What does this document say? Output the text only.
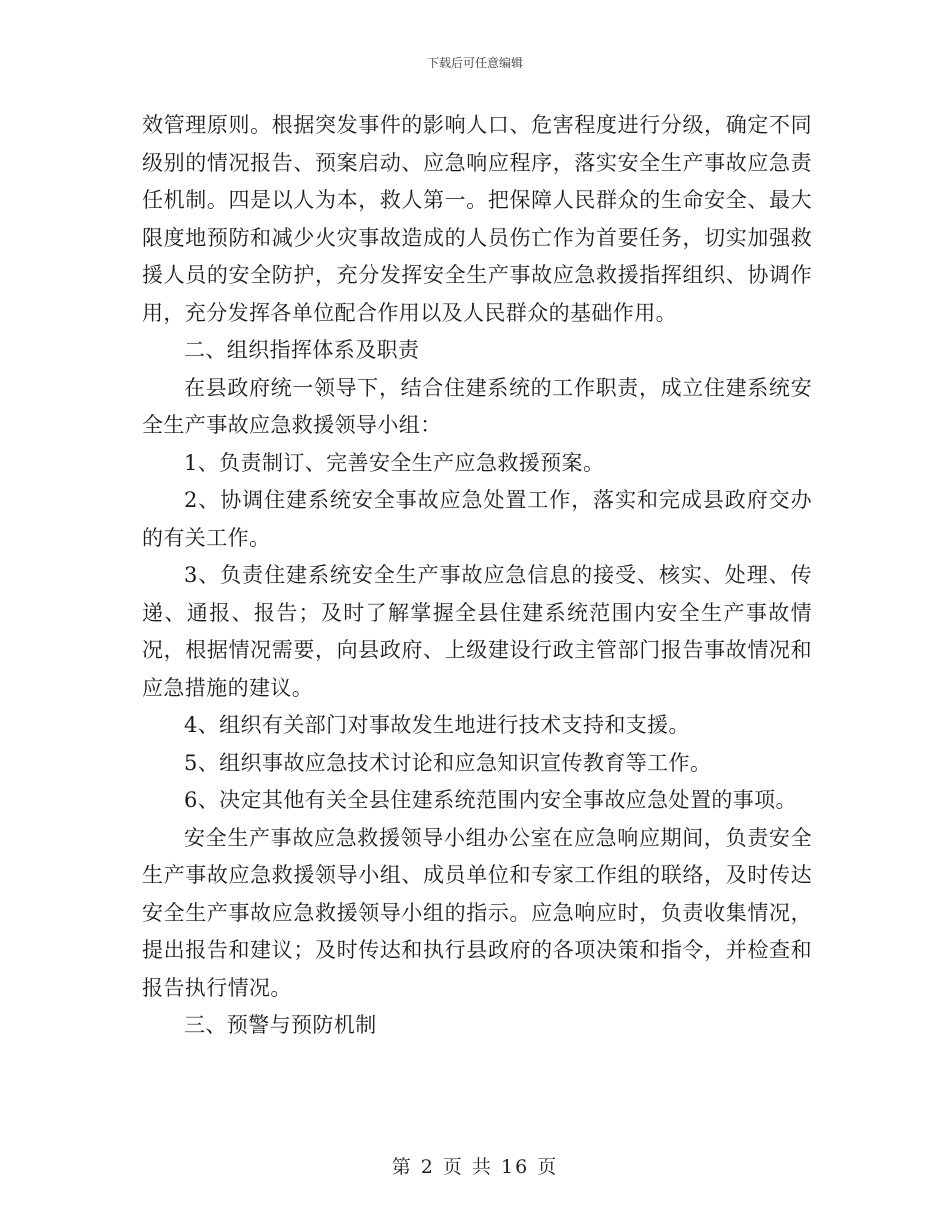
下载后可任意编辑

效管理原则。根据突发事件的影响人口、危害程度进行分级，确定不同级别的情况报告、预案启动、应急响应程序，落实安全生产事故应急责任机制。四是以人为本，救人第一。把保障人民群众的生命安全、最大限度地预防和减少火灾事故造成的人员伤亡作为首要任务，切实加强救援人员的安全防护，充分发挥安全生产事故应急救援指挥组织、协调作用，充分发挥各单位配合作用以及人民群众的基础作用。

二、组织指挥体系及职责

在县政府统一领导下，结合住建系统的工作职责，成立住建系统安全生产事故应急救援领导小组：

1、负责制订、完善安全生产应急救援预案。

2、协调住建系统安全事故应急处置工作，落实和完成县政府交办的有关工作。

3、负责住建系统安全生产事故应急信息的接受、核实、处理、传递、通报、报告；及时了解掌握全县住建系统范围内安全生产事故情况，根据情况需要，向县政府、上级建设行政主管部门报告事故情况和应急措施的建议。

4、组织有关部门对事故发生地进行技术支持和支援。

5、组织事故应急技术讨论和应急知识宣传教育等工作。

6、决定其他有关全县住建系统范围内安全事故应急处置的事项。

安全生产事故应急救援领导小组办公室在应急响应期间，负责安全生产事故应急救援领导小组、成员单位和专家工作组的联络，及时传达安全生产事故应急救援领导小组的指示。应急响应时，负责收集情况，提出报告和建议；及时传达和执行县政府的各项决策和指令，并检查和报告执行情况。

三、预警与预防机制

第 2 页 共 16 页
